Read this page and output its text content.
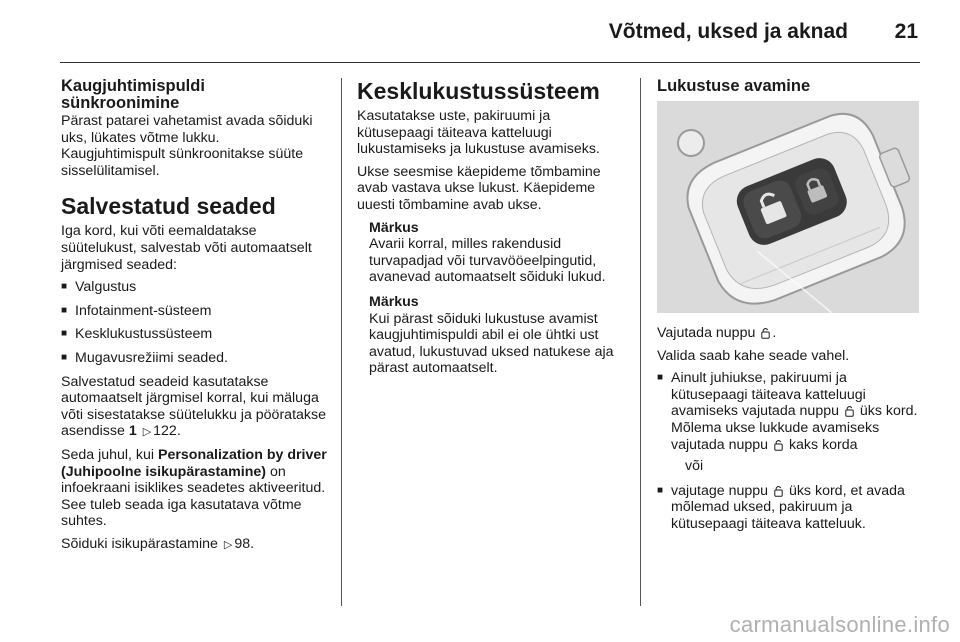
Võtmed, uksed ja aknad 21
Kaugjuhtimispuldi sünkroonimine

Pärast patarei vahetamist avada sõiduki uks, lükates võtme lukku. Kaugjuhtimispult sünkroonitakse süüte sisselülitamisel.

Salvestatud seaded

Iga kord, kui võti eemaldatakse süütelukust, salvestab võti automaatselt järgmised seaded:

■ Valgustus
■ Infotainment-süsteem
■ Kesklukustussüsteem
■ Mugavusrežiimi seaded.

Salvestatud seadeid kasutatakse automaatselt järgmisel korral, kui mäluga võti sisestatakse süütelukku ja pööratakse asendisse 1 ▷ 122.

Seda juhul, kui Personalization by driver (Juhipoolne isikupärastamine) on infoekraani isiklikes seadetes aktiveeritud. See tuleb seada iga kasutatava võtme suhtes.

Sõiduki isikupärastamine ▷ 98.

Kesklukustussüsteem

Kasutatakse uste, pakiruumi ja kütusepaagi täiteava katteluugi lukustamiseks ja lukustuse avamiseks.

Ukse seesmise käepideme tõmbamine avab vastava ukse lukust. Käepideme uuesti tõmbamine avab ukse.

Märkus
Avarii korral, milles rakendusid turvapadjad või turvavööeelpingutid, avanevad automaatselt sõiduki lukud.
Märkus
Kui pärast sõiduki lukustuse avamist kaugjuhtimispuldi abil ei ole ühtki ust avatud, lukustuvad uksed natukese aja pärast automaatselt.
Lukustuse avamine

Vajutada nuppu .

Valida saab kahe seade vahel.

■ Ainult juhiukse, pakiruumi ja kütusepaagi täiteava katteluugi avamiseks vajutada nuppu üks kord. Mõlema ukse lukkude avamiseks vajutada nuppu kaks korda
või
■ vajutage nuppu üks kord, et avada mõlemad uksed, pakiruum ja kütusepaagi täiteava katteluuk.
carmanualsonline.info
